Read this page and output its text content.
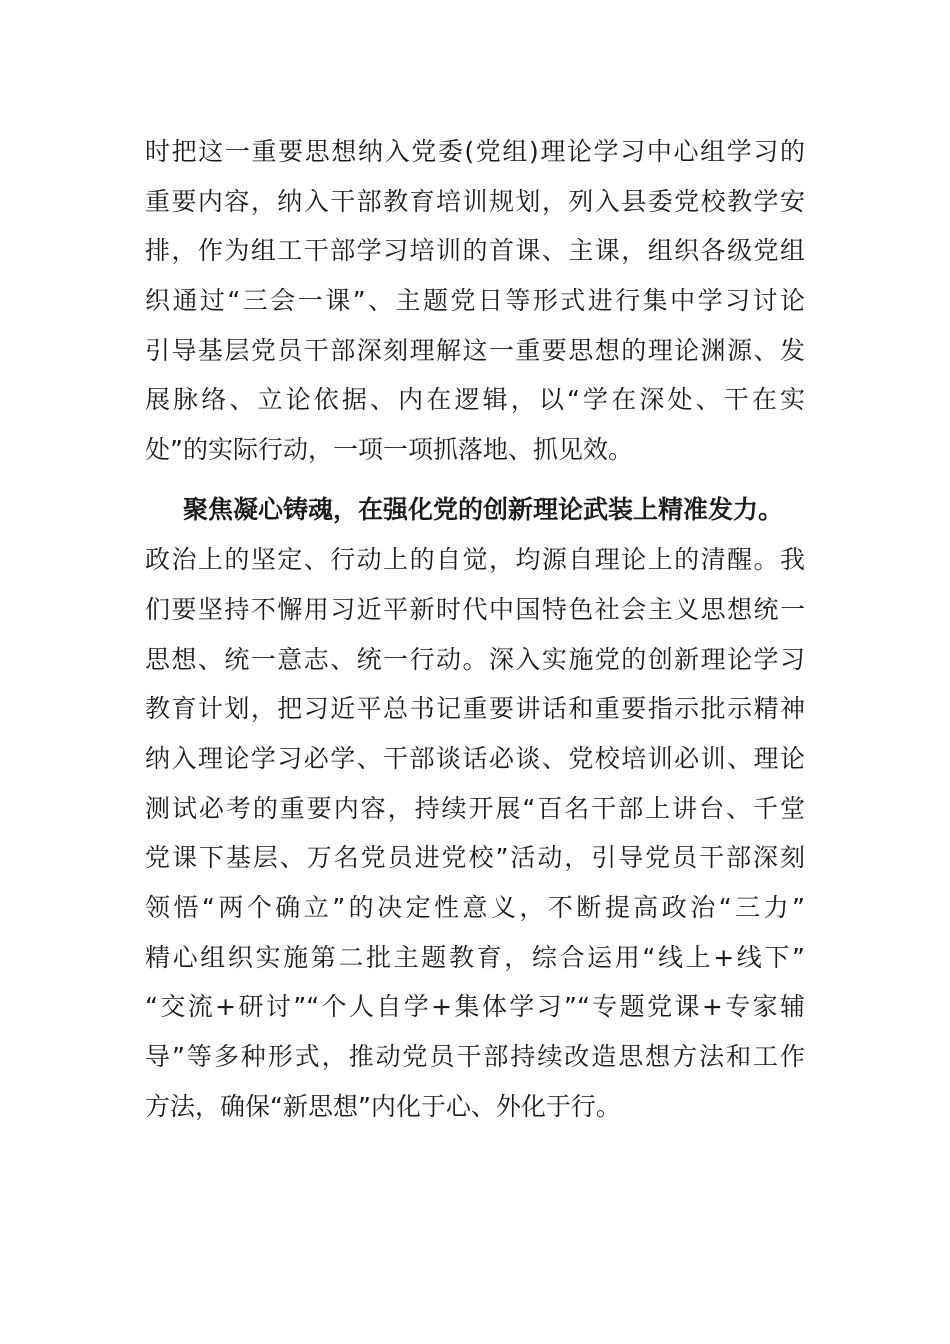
时把这一重要思想纳入党委(党组)理论学习中心组学习的
重要内容，纳入干部教育培训规划，列入县委党校教学安
排，作为组工干部学习培训的首课、主课，组织各级党组
织通过“三会一课”、主题党日等形式进行集中学习讨论
引导基层党员干部深刻理解这一重要思想的理论渊源、发
展脉络、立论依据、内在逻辑，以“学在深处、干在实
处”的实际行动，一项一项抓落地、抓见效。
聚焦凝心铸魂，在强化党的创新理论武装上精准发力。
政治上的坚定、行动上的自觉，均源自理论上的清醒。我
们要坚持不懈用习近平新时代中国特色社会主义思想统一
思想、统一意志、统一行动。深入实施党的创新理论学习
教育计划，把习近平总书记重要讲话和重要指示批示精神
纳入理论学习必学、干部谈话必谈、党校培训必训、理论
测试必考的重要内容，持续开展“百名干部上讲台、千堂
党课下基层、万名党员进党校”活动，引导党员干部深刻
领悟“两个确立”的决定性意义，不断提高政治“三力”
精心组织实施第二批主题教育，综合运用“线上+线下”
“交流+研讨”“个人自学+集体学习”“专题党课+专家辅
导”等多种形式，推动党员干部持续改造思想方法和工作
方法，确保“新思想”内化于心、外化于行。
